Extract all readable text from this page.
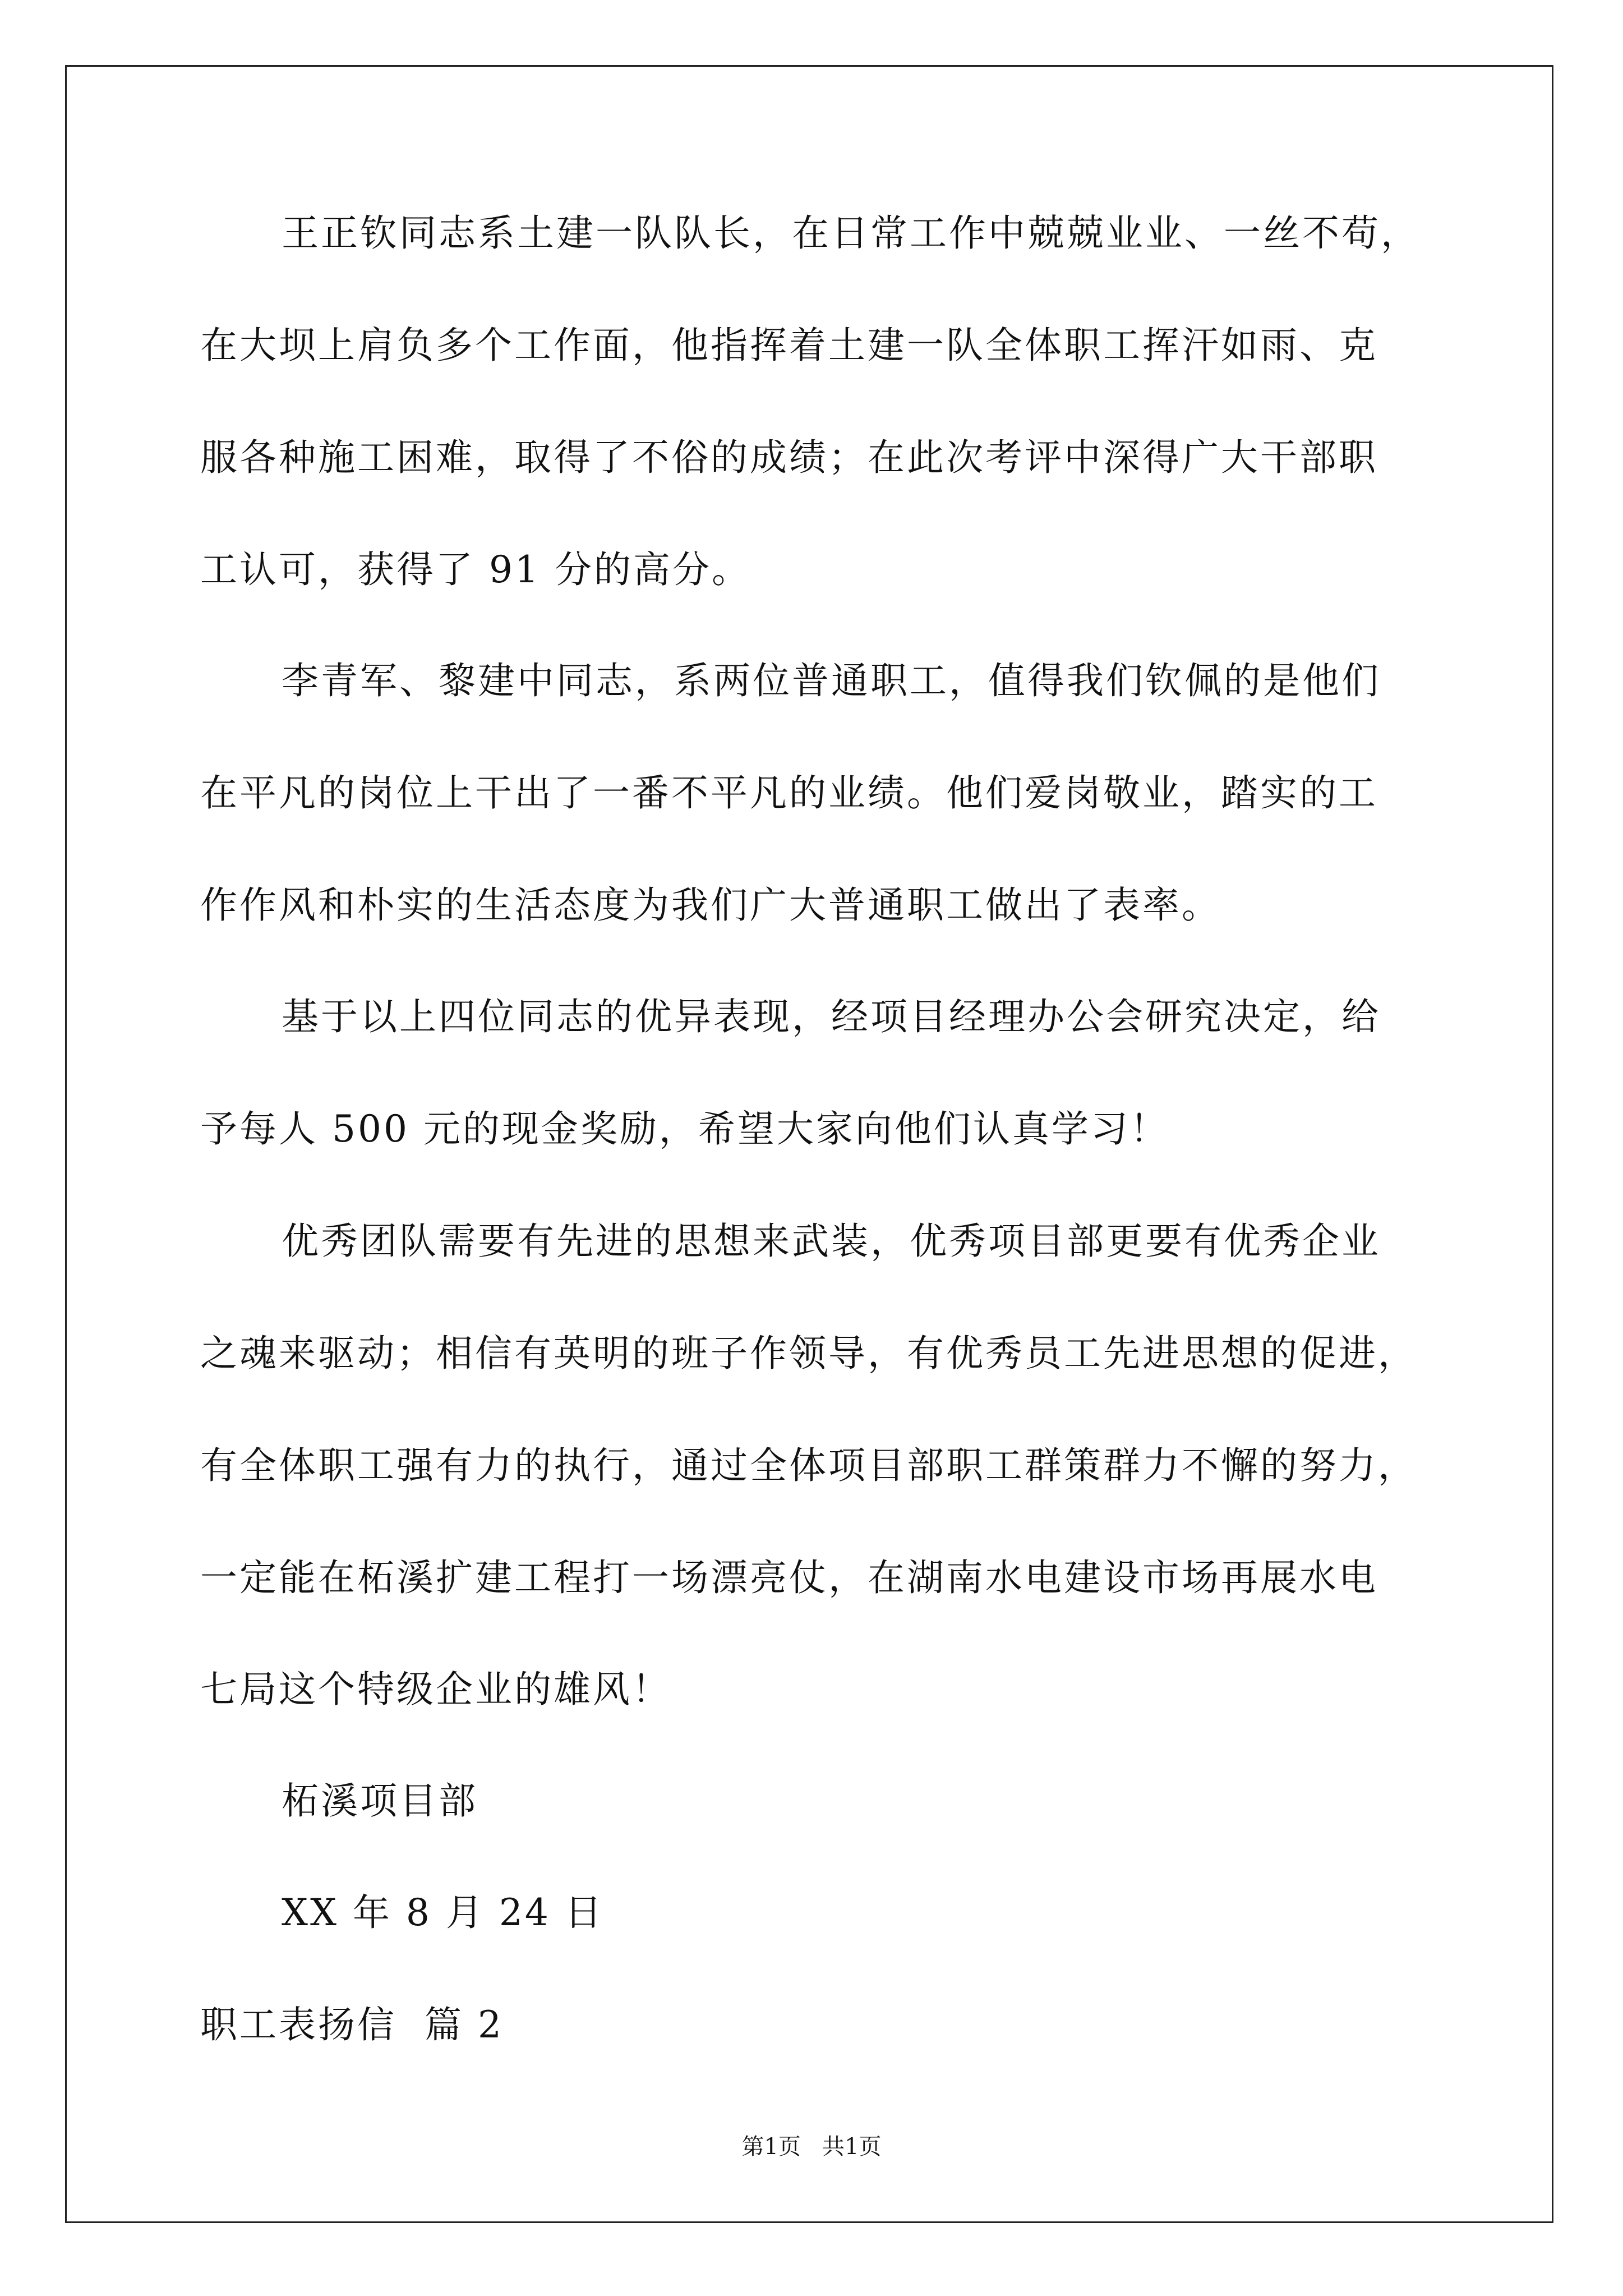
王正钦同志系土建一队队长，在日常工作中兢兢业业、一丝不苟，
在大坝上肩负多个工作面，他指挥着土建一队全体职工挥汗如雨、克
服各种施工困难，取得了不俗的成绩；在此次考评中深得广大干部职
工认可，获得了 91 分的高分。
李青军、黎建中同志，系两位普通职工，值得我们钦佩的是他们
在平凡的岗位上干出了一番不平凡的业绩。他们爱岗敬业，踏实的工
作作风和朴实的生活态度为我们广大普通职工做出了表率。
基于以上四位同志的优异表现，经项目经理办公会研究决定，给
予每人 500 元的现金奖励，希望大家向他们认真学习！
优秀团队需要有先进的思想来武装，优秀项目部更要有优秀企业
之魂来驱动；相信有英明的班子作领导，有优秀员工先进思想的促进，
有全体职工强有力的执行，通过全体项目部职工群策群力不懈的努力，
一定能在柘溪扩建工程打一场漂亮仗，在湖南水电建设市场再展水电
七局这个特级企业的雄风！
柘溪项目部
XX 年 8 月 24 日
职工表扬信  篇 2
第1页   共1页
